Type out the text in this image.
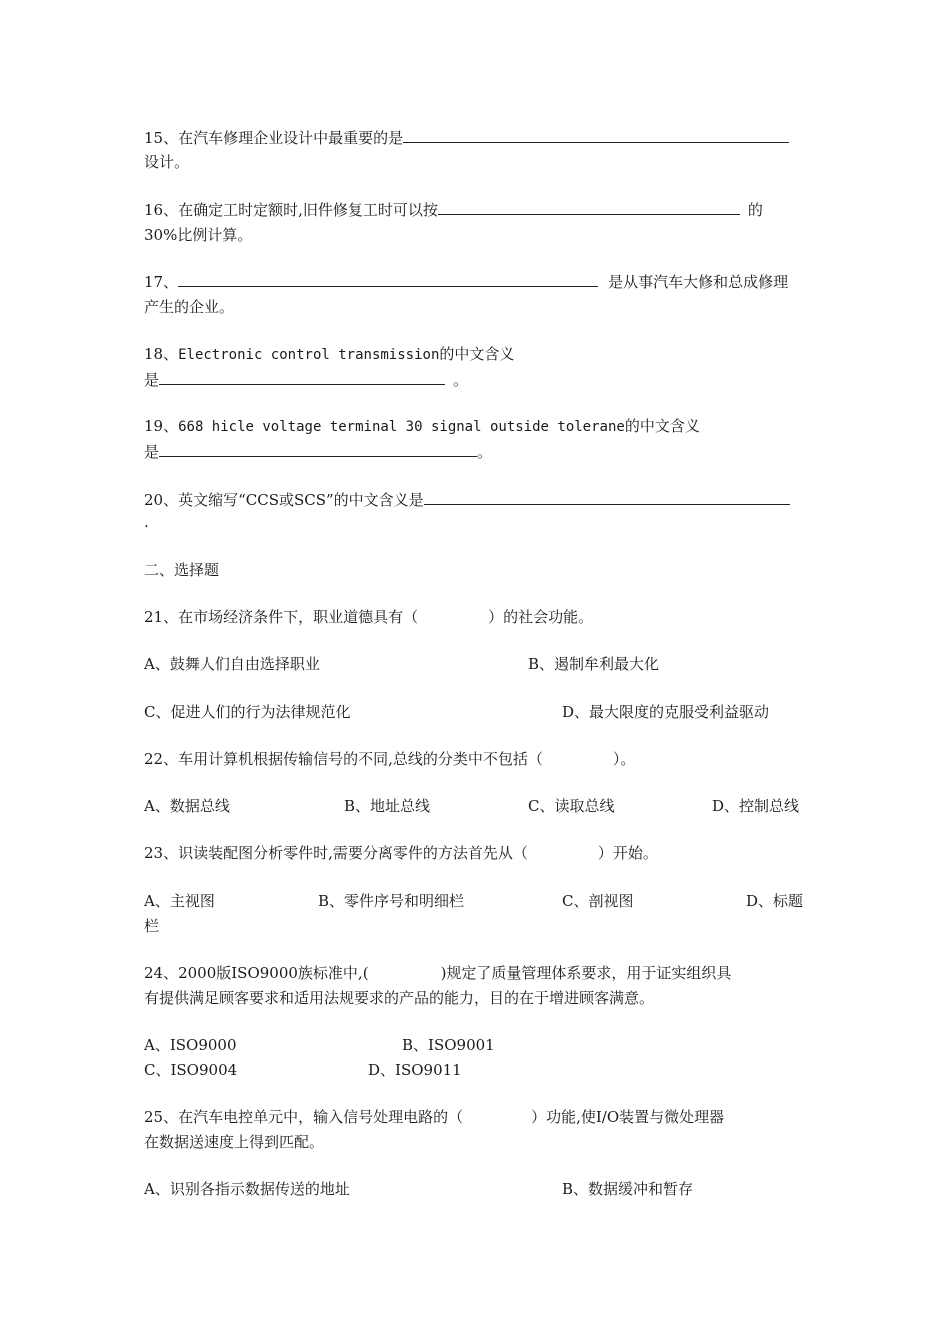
15、在汽车修理企业设计中最重要的是
设计。
16、在确定工时定额时,旧件修复工时可以按	的
30%比例计算。
17、	是从事汽车大修和总成修理
产生的企业。
18、Electronic control transmission的中文含义
是	。
19、668 hicle voltage terminal 30 signal outside tolerane的中文含义
是	。
20、英文缩写“CCS或SCS”的中文含义是
.
二、选择题
21、在市场经济条件下，职业道德具有（	）的社会功能。
A、鼓舞人们自由选择职业	B、遏制牟利最大化
C、促进人们的行为法律规范化	D、最大限度的克服受利益驱动
22、车用计算机根据传输信号的不同,总线的分类中不包括（	）。
A、数据总线	B、地址总线	C、读取总线	D、控制总线
23、识读装配图分析零件时,需要分离零件的方法首先从（	）开始。
A、主视图	B、零件序号和明细栏	C、剖视图	D、标题
栏
24、2000版ISO9000族标准中,(	)规定了质量管理体系要求，用于证实组织具
有提供满足顾客要求和适用法规要求的产品的能力，目的在于增进顾客满意。
A、ISO9000	B、ISO9001
C、ISO9004	D、ISO9011
25、在汽车电控单元中，输入信号处理电路的（	）功能,使I/O装置与微处理器
在数据送速度上得到匹配。
A、识别各指示数据传送的地址	B、数据缓冲和暂存
